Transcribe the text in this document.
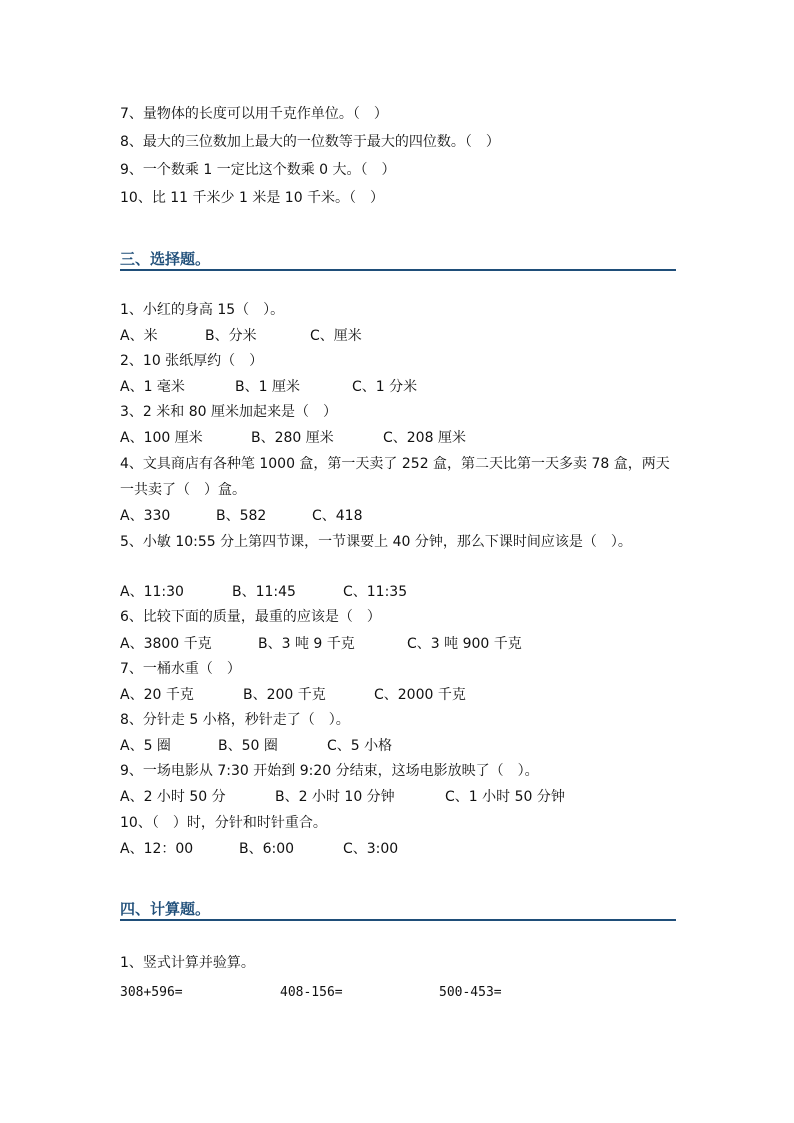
7、量物体的长度可以用千克作单位。（　）
8、最大的三位数加上最大的一位数等于最大的四位数。（　）
9、一个数乘 1 一定比这个数乘 0 大。（　）
10、比 11 千米少 1 米是 10 千米。（　）
三、选择题。
1、小红的身高 15（　）。
A、米	B、分米	C、厘米
2、10 张纸厚约（　）
A、1 毫米	B、1 厘米	C、1 分米
3、2 米和 80 厘米加起来是（　）
A、100 厘米	B、280 厘米	C、208 厘米
4、文具商店有各种笔 1000 盒，第一天卖了 252 盒，第二天比第一天多卖 78 盒，两天一共卖了（　）盒。
A、330	B、582	C、418
5、小敏 10:55 分上第四节课，一节课要上 40 分钟，那么下课时间应该是（　）。
A、11:30	B、11:45	C、11:35
6、比较下面的质量，最重的应该是（　）
A、3800 千克	B、3 吨 9 千克	C、3 吨 900 千克
7、一桶水重（　）
A、20 千克	B、200 千克	C、2000 千克
8、分针走 5 小格，秒针走了（　）。
A、5 圈	B、50 圈	C、5 小格
9、一场电影从 7:30 开始到 9:20 分结束，这场电影放映了（　）。
A、2 小时 50 分	B、2 小时 10 分钟	C、1 小时 50 分钟
10、（　）时，分针和时针重合。
A、12：00	B、6:00	C、3:00
四、计算题。
1、竖式计算并验算。
308+596=	408-156=	500-453=
